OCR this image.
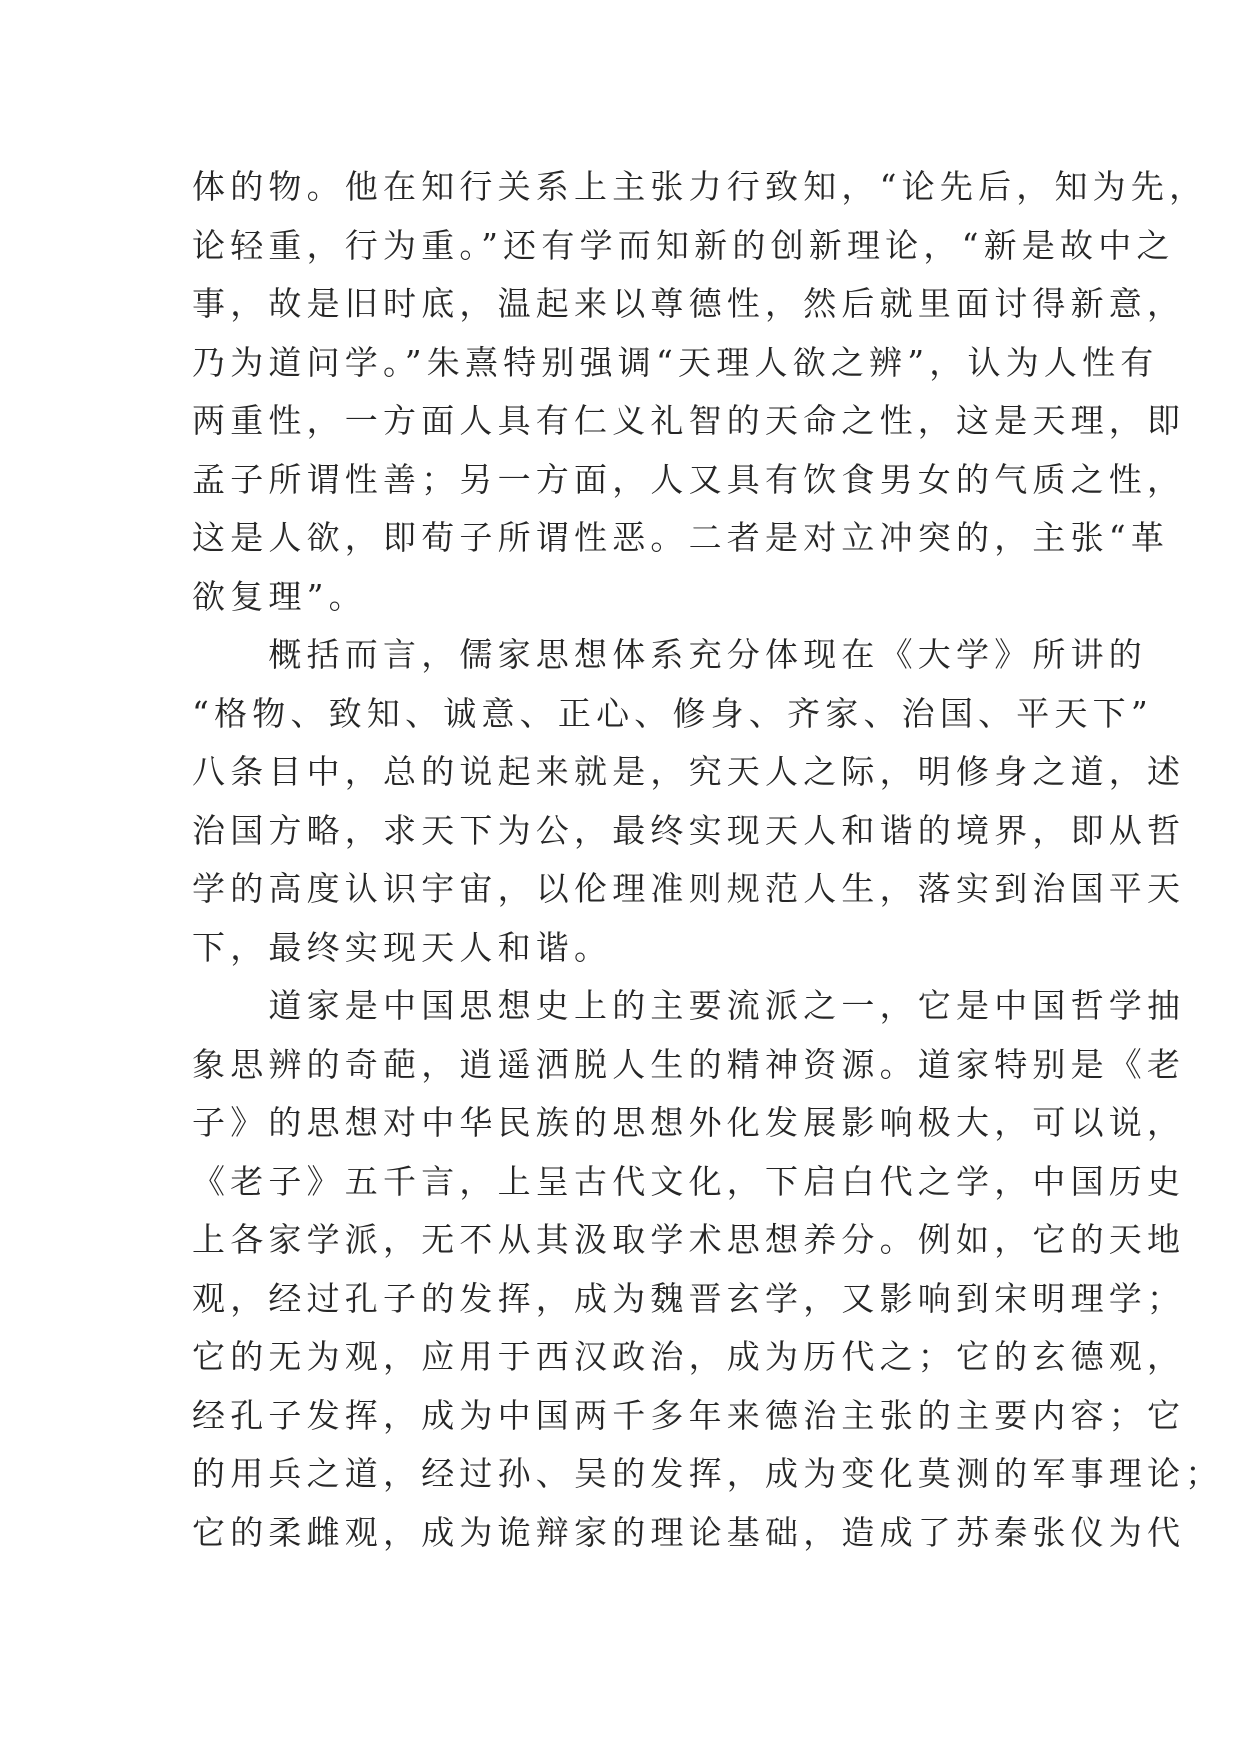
体的物。他在知行关系上主张力行致知，“论先后，知为先，
论轻重，行为重。”还有学而知新的创新理论，“新是故中之
事，故是旧时底，温起来以尊德性，然后就里面讨得新意，
乃为道问学。”朱熹特别强调“天理人欲之辨”，认为人性有
两重性，一方面人具有仁义礼智的天命之性，这是天理，即
孟子所谓性善；另一方面，人又具有饮食男女的气质之性，
这是人欲，即荀子所谓性恶。二者是对立冲突的，主张“革
欲复理”。
　　概括而言，儒家思想体系充分体现在《大学》所讲的
“格物、致知、诚意、正心、修身、齐家、治国、平天下”
八条目中，总的说起来就是，究天人之际，明修身之道，述
治国方略，求天下为公，最终实现天人和谐的境界，即从哲
学的高度认识宇宙，以伦理准则规范人生，落实到治国平天
下，最终实现天人和谐。
　　道家是中国思想史上的主要流派之一，它是中国哲学抽
象思辨的奇葩，逍遥洒脱人生的精神资源。道家特别是《老
子》的思想对中华民族的思想外化发展影响极大，可以说，
《老子》五千言，上呈古代文化，下启白代之学，中国历史
上各家学派，无不从其汲取学术思想养分。例如，它的天地
观，经过孔子的发挥，成为魏晋玄学，又影响到宋明理学；
它的无为观，应用于西汉政治，成为历代之；它的玄德观，
经孔子发挥，成为中国两千多年来德治主张的主要内容；它
的用兵之道，经过孙、吴的发挥，成为变化莫测的军事理论；
它的柔雌观，成为诡辩家的理论基础，造成了苏秦张仪为代
